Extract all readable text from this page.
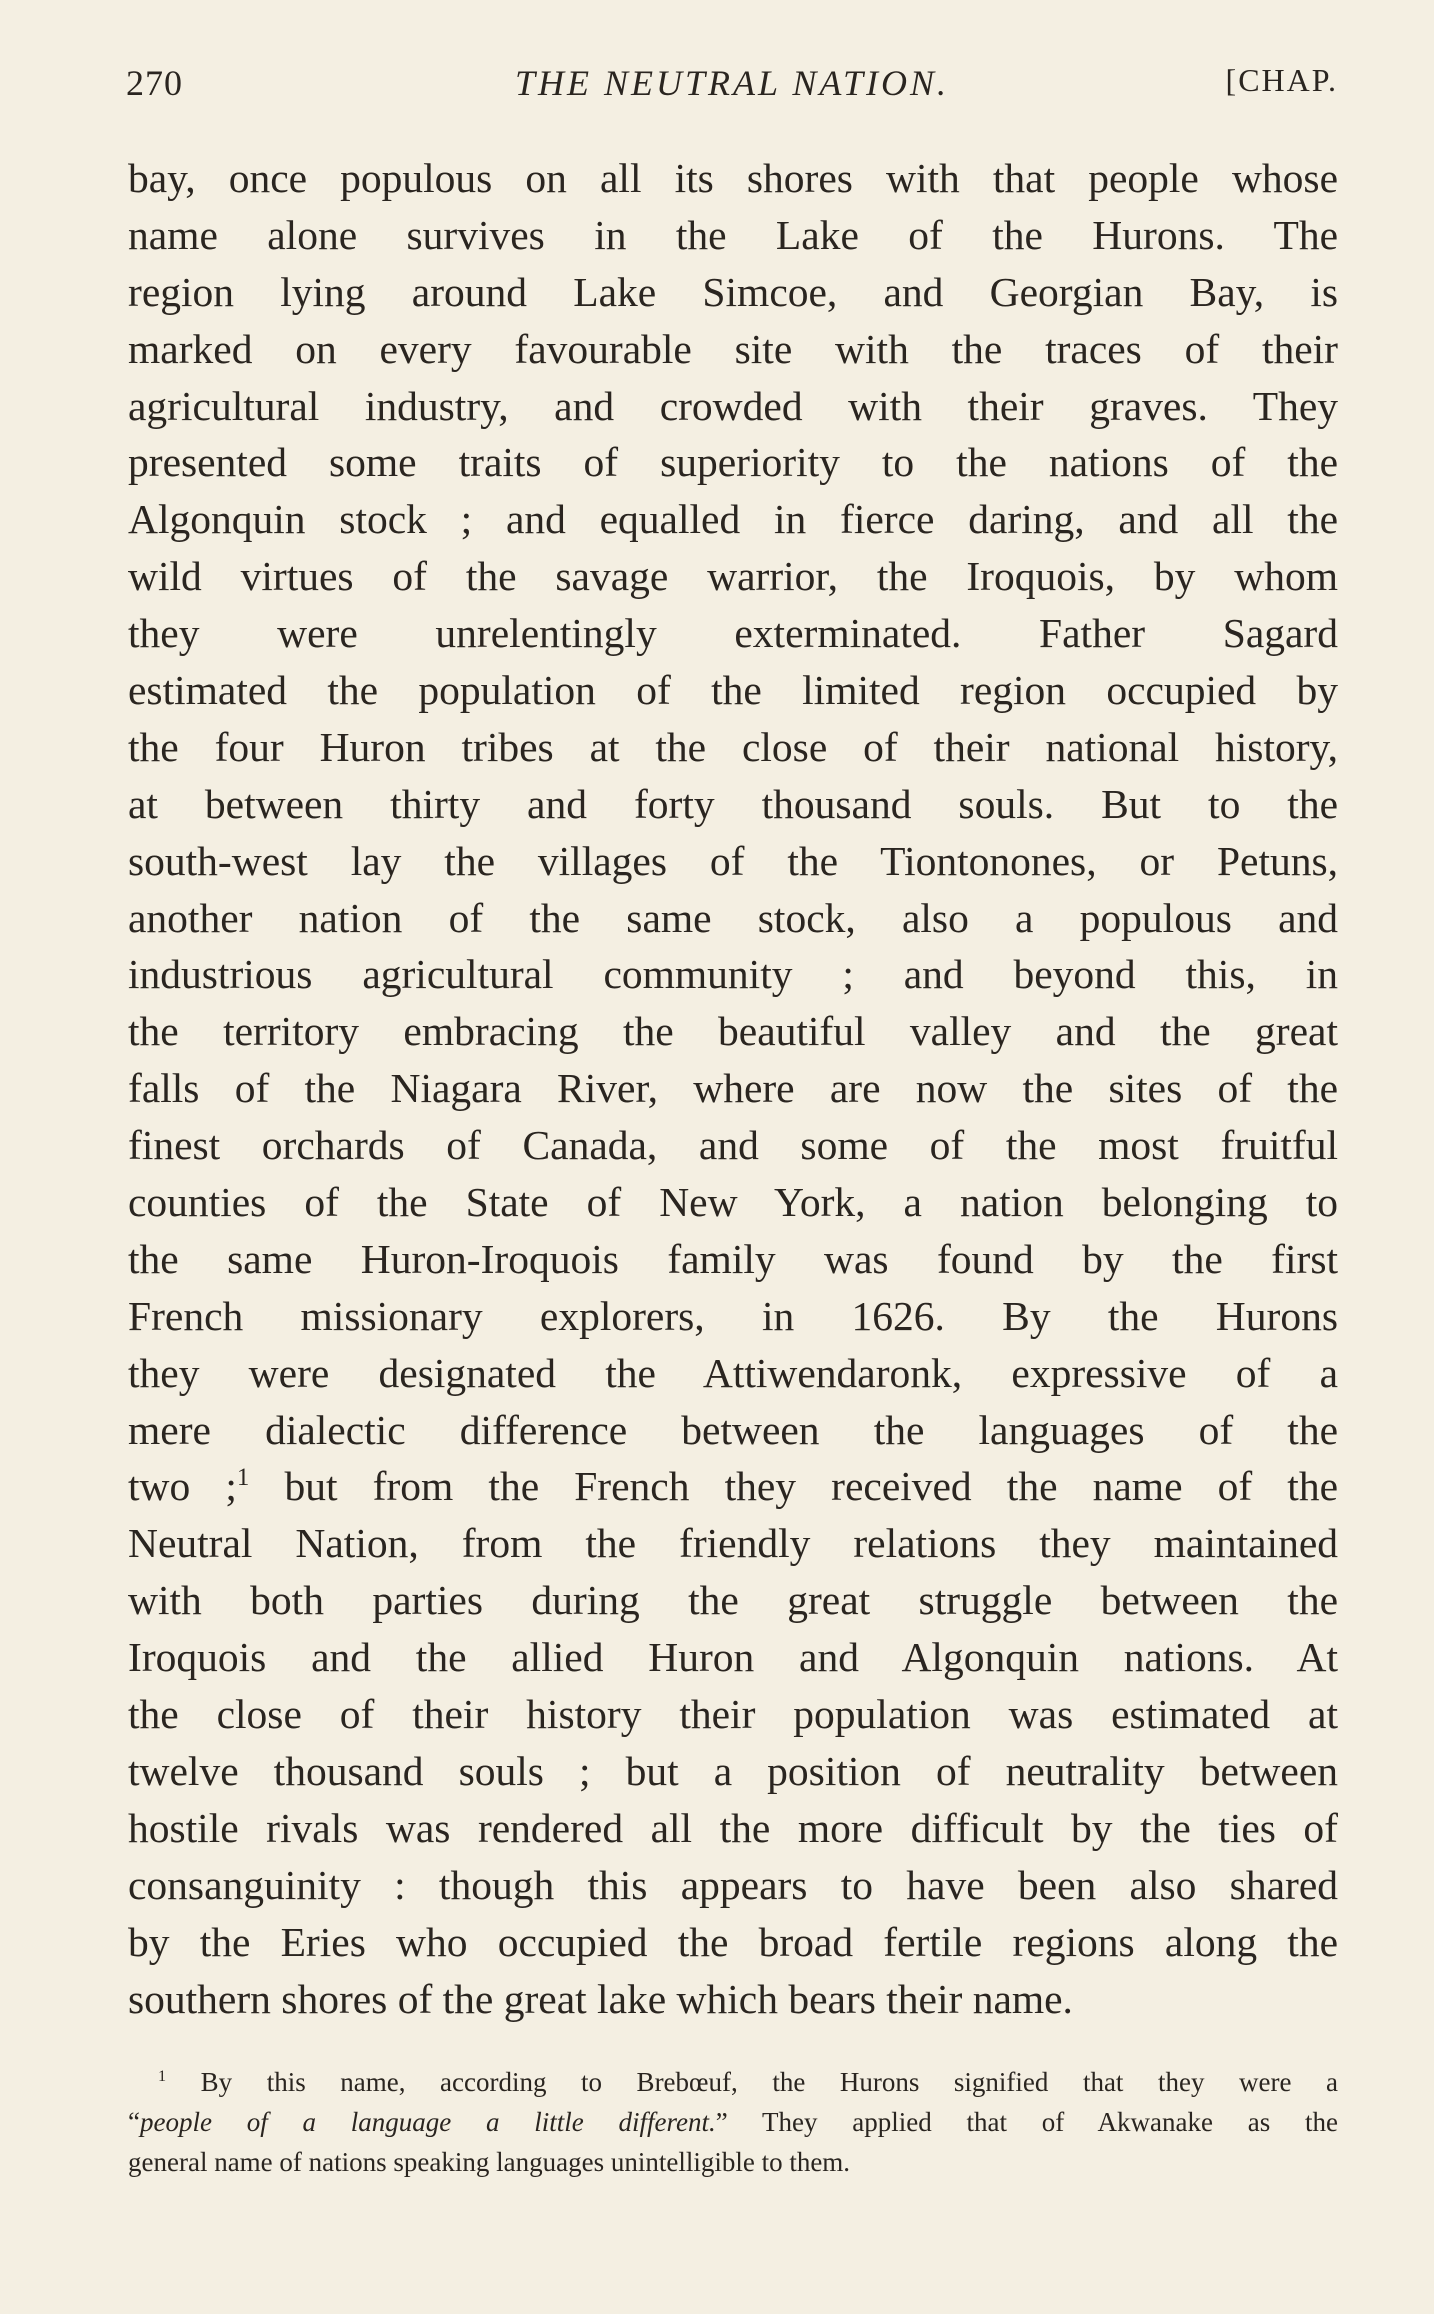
270	THE NEUTRAL NATION.	[CHAP.
bay, once populous on all its shores with that people whose
name alone survives in the Lake of the Hurons. The
region lying around Lake Simcoe, and Georgian Bay, is
marked on every favourable site with the traces of their
agricultural industry, and crowded with their graves. They
presented some traits of superiority to the nations of the
Algonquin stock ; and equalled in fierce daring, and all the
wild virtues of the savage warrior, the Iroquois, by whom
they were unrelentingly exterminated. Father Sagard
estimated the population of the limited region occupied by
the four Huron tribes at the close of their national history,
at between thirty and forty thousand souls. But to the
south-west lay the villages of the Tiontonones, or Petuns,
another nation of the same stock, also a populous and
industrious agricultural community ; and beyond this, in
the territory embracing the beautiful valley and the great
falls of the Niagara River, where are now the sites of the
finest orchards of Canada, and some of the most fruitful
counties of the State of New York, a nation belonging to
the same Huron-Iroquois family was found by the first
French missionary explorers, in 1626. By the Hurons
they were designated the Attiwendaronk, expressive of a
mere dialectic difference between the languages of the
two ;$^1$ but from the French they received the name of the
Neutral Nation, from the friendly relations they maintained
with both parties during the great struggle between the
Iroquois and the allied Huron and Algonquin nations. At
the close of their history their population was estimated at
twelve thousand souls ; but a position of neutrality between
hostile rivals was rendered all the more difficult by the ties of
consanguinity : though this appears to have been also shared
by the Eries who occupied the broad fertile regions along the
southern shores of the great lake which bears their name.
$^1$ By this name, according to Brebœuf, the Hurons signified that they were a
“people of a language a little different.” They applied that of Akwanake as the
general name of nations speaking languages unintelligible to them.
